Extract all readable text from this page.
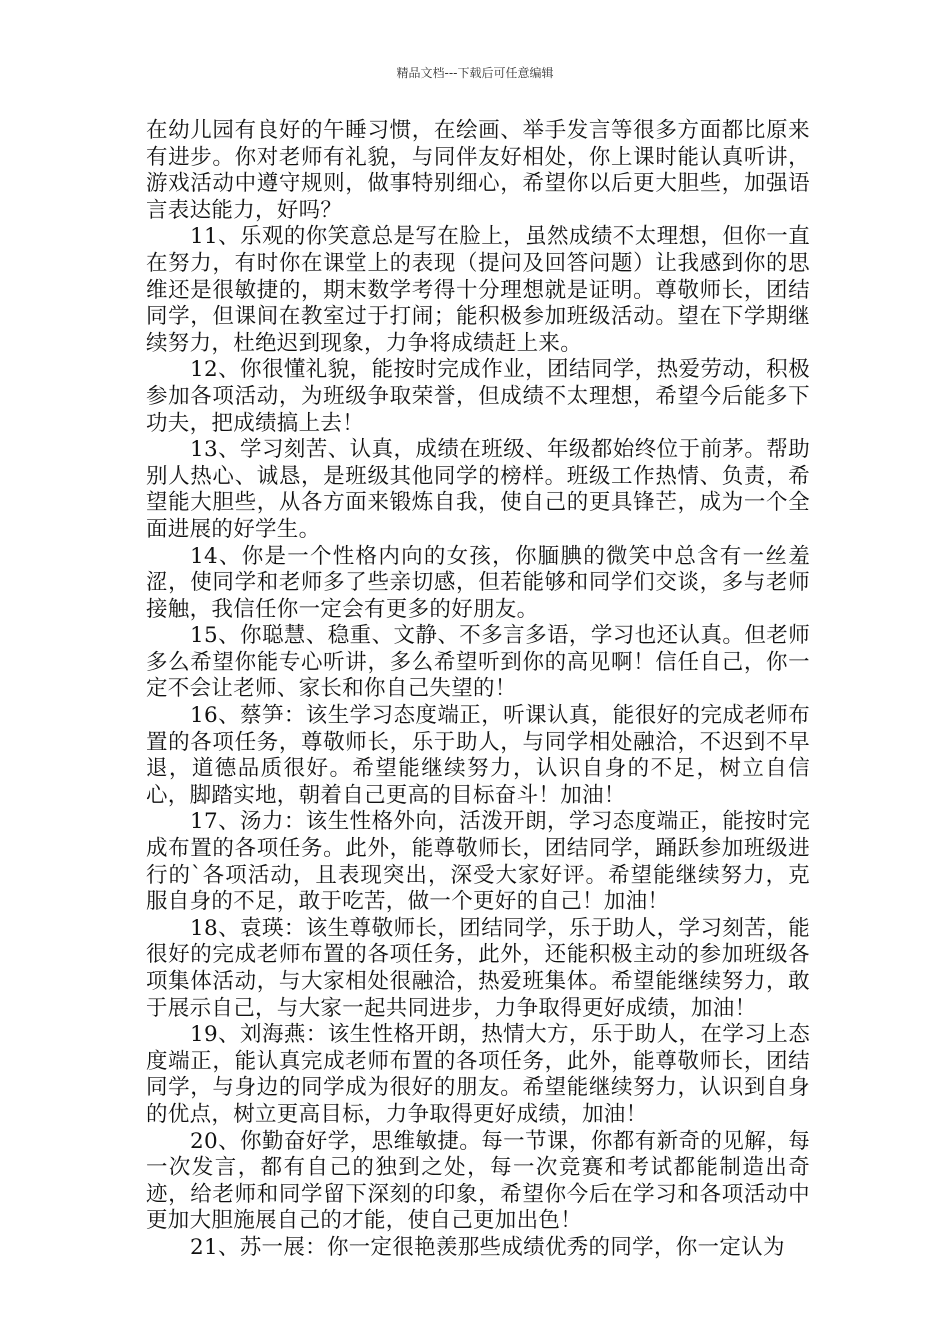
精品文档---下载后可任意编辑

在幼儿园有良好的午睡习惯，在绘画、举手发言等很多方面都比原来有进步。你对老师有礼貌，与同伴友好相处，你上课时能认真听讲，游戏活动中遵守规则，做事特别细心，希望你以后更大胆些，加强语言表达能力，好吗？

11、乐观的你笑意总是写在脸上，虽然成绩不太理想，但你一直在努力，有时你在课堂上的表现（提问及回答问题）让我感到你的思维还是很敏捷的，期末数学考得十分理想就是证明。尊敬师长，团结同学，但课间在教室过于打闹；能积极参加班级活动。望在下学期继续努力，杜绝迟到现象，力争将成绩赶上来。

12、你很懂礼貌，能按时完成作业，团结同学，热爱劳动，积极参加各项活动，为班级争取荣誉，但成绩不太理想，希望今后能多下功夫，把成绩搞上去！

13、学习刻苦、认真，成绩在班级、年级都始终位于前茅。帮助别人热心、诚恳，是班级其他同学的榜样。班级工作热情、负责，希望能大胆些，从各方面来锻炼自我，使自己的更具锋芒，成为一个全面进展的好学生。

14、你是一个性格内向的女孩，你腼腆的微笑中总含有一丝羞涩，使同学和老师多了些亲切感，但若能够和同学们交谈，多与老师接触，我信任你一定会有更多的好朋友。

15、你聪慧、稳重、文静、不多言多语，学习也还认真。但老师多么希望你能专心听讲，多么希望听到你的高见啊！信任自己，你一定不会让老师、家长和你自己失望的！

16、蔡笋：该生学习态度端正，听课认真，能很好的完成老师布置的各项任务，尊敬师长，乐于助人，与同学相处融洽，不迟到不早退，道德品质很好。希望能继续努力，认识自身的不足，树立自信心，脚踏实地，朝着自己更高的目标奋斗！加油！

17、汤力：该生性格外向，活泼开朗，学习态度端正，能按时完成布置的各项任务。此外，能尊敬师长，团结同学，踊跃参加班级进行的`各项活动，且表现突出，深受大家好评。希望能继续努力，克服自身的不足，敢于吃苦，做一个更好的自己！加油！

18、袁瑛：该生尊敬师长，团结同学，乐于助人，学习刻苦，能很好的完成老师布置的各项任务，此外，还能积极主动的参加班级各项集体活动，与大家相处很融洽，热爱班集体。希望能继续努力，敢于展示自己，与大家一起共同进步，力争取得更好成绩，加油！

19、刘海燕：该生性格开朗，热情大方，乐于助人，在学习上态度端正，能认真完成老师布置的各项任务，此外，能尊敬师长，团结同学，与身边的同学成为很好的朋友。希望能继续努力，认识到自身的优点，树立更高目标，力争取得更好成绩，加油！

20、你勤奋好学，思维敏捷。每一节课，你都有新奇的见解，每一次发言，都有自己的独到之处，每一次竞赛和考试都能制造出奇迹，给老师和同学留下深刻的印象，希望你今后在学习和各项活动中更加大胆施展自己的才能，使自己更加出色！

21、苏一展：你一定很艳羡那些成绩优秀的同学，你一定认为
